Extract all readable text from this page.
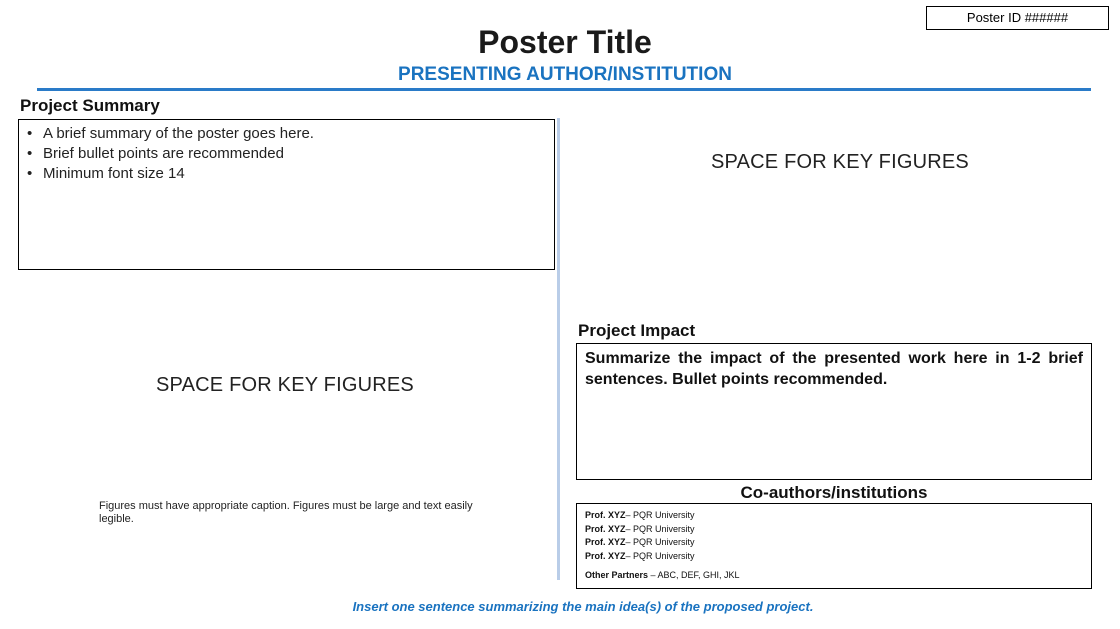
Poster ID ######
Poster Title
PRESENTING AUTHOR/INSTITUTION
Project Summary
• A brief summary of the poster goes here.
• Brief bullet points are recommended
• Minimum font size 14
SPACE FOR KEY FIGURES
SPACE FOR KEY FIGURES
Figures must have appropriate caption. Figures must be large and text easily legible.
Project Impact
Summarize the impact of the presented work here in 1-2 brief sentences. Bullet points recommended.
Co-authors/institutions
Prof. XYZ– PQR University
Prof. XYZ– PQR University
Prof. XYZ– PQR University
Prof. XYZ– PQR University
Other Partners – ABC, DEF, GHI, JKL
Insert one sentence summarizing the main idea(s) of the proposed project.
